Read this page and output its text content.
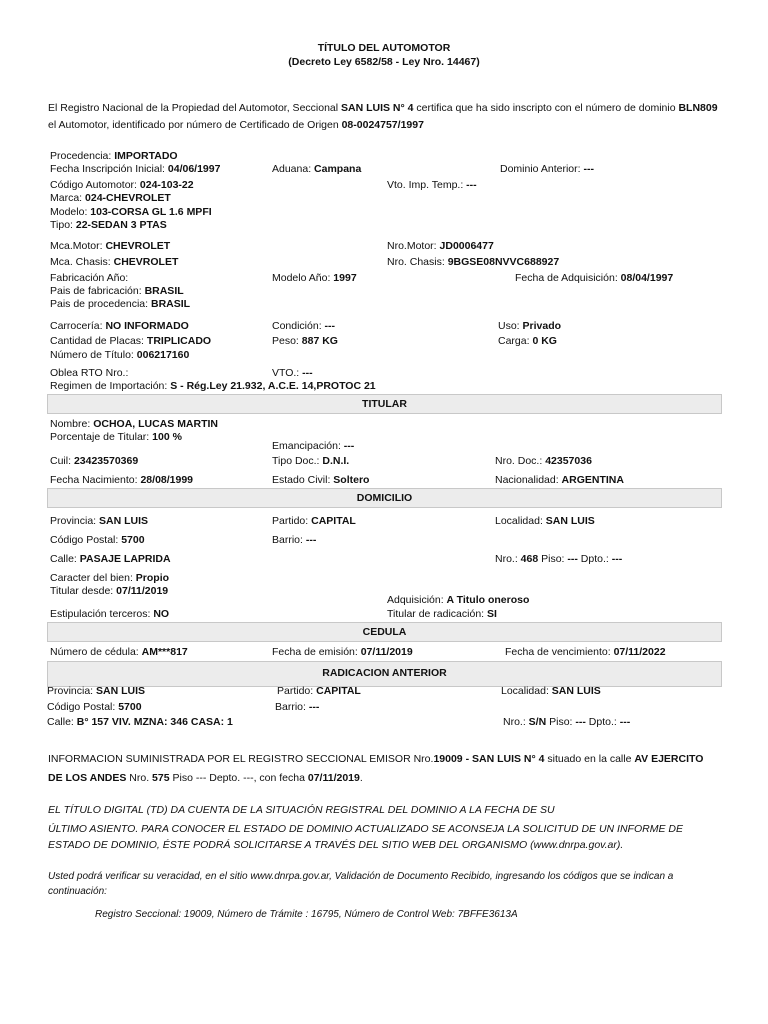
TÍTULO DEL AUTOMOTOR
(Decreto Ley 6582/58 - Ley Nro. 14467)
El Registro Nacional de la Propiedad del Automotor, Seccional SAN LUIS N° 4 certifica que ha sido inscripto con el número de dominio BLN809 el Automotor, identificado por número de Certificado de Origen 08-0024757/1997
Procedencia: IMPORTADO
Fecha Inscripción Inicial: 04/06/1997	Aduana: Campana	Dominio Anterior: ---
Código Automotor: 024-103-22	Vto. Imp. Temp.: ---
Marca: 024-CHEVROLET
Modelo: 103-CORSA GL 1.6 MPFI
Tipo: 22-SEDAN 3 PTAS
Mca.Motor: CHEVROLET	Nro.Motor: JD0006477
Mca. Chasis: CHEVROLET	Nro. Chasis: 9BGSE08NVVC688927
Fabricación Año:	Modelo Año: 1997	Fecha de Adquisición: 08/04/1997
Pais de fabricación: BRASIL
Pais de procedencia: BRASIL
Carrocería: NO INFORMADO	Condición: ---	Uso: Privado
Cantidad de Placas: TRIPLICADO	Peso: 887 KG	Carga: 0 KG
Número de Título: 006217160
Oblea RTO Nro.:	VTO.: ---
Regimen de Importación: S - Rég.Ley 21.932, A.C.E. 14,PROTOC 21
TITULAR
Nombre: OCHOA, LUCAS MARTIN
Porcentaje de Titular: 100 %
Emancipación: ---
Cuil: 23423570369	Tipo Doc.: D.N.I.	Nro. Doc.: 42357036
Fecha Nacimiento: 28/08/1999	Estado Civil: Soltero	Nacionalidad: ARGENTINA
DOMICILIO
Provincia: SAN LUIS	Partido: CAPITAL	Localidad: SAN LUIS
Código Postal: 5700	Barrio: ---
Calle: PASAJE LAPRIDA	Nro.: 468 Piso: --- Dpto.: ---
Caracter del bien: Propio
Titular desde: 07/11/2019
Adquisición: A Titulo oneroso
Estipulación terceros: NO	Titular de radicación: SI
CEDULA
Número de cédula: AM***817	Fecha de emisión: 07/11/2019	Fecha de vencimiento: 07/11/2022
RADICACION ANTERIOR
Provincia: SAN LUIS	Partido: CAPITAL	Localidad: SAN LUIS
Código Postal: 5700	Barrio: ---
Calle: B° 157 VIV. MZNA: 346 CASA: 1	Nro.: S/N Piso: --- Dpto.: ---
INFORMACION SUMINISTRADA POR EL REGISTRO SECCIONAL EMISOR Nro.19009 - SAN LUIS N° 4 situado en la calle AV EJERCITO DE LOS ANDES Nro. 575 Piso --- Depto. ---, con fecha 07/11/2019.
EL TÍTULO DIGITAL (TD) DA CUENTA DE LA SITUACIÓN REGISTRAL DEL DOMINIO A LA FECHA DE SU
ÚLTIMO ASIENTO. PARA CONOCER EL ESTADO DE DOMINIO ACTUALIZADO SE ACONSEJA LA SOLICITUD DE UN INFORME DE ESTADO DE DOMINIO, ÉSTE PODRÁ SOLICITARSE A TRAVÉS DEL SITIO WEB DEL ORGANISMO (www.dnrpa.gov.ar).
Usted podrá verificar su veracidad, en el sitio www.dnrpa.gov.ar, Validación de Documento Recibido, ingresando los códigos que se indican a continuación:
Registro Seccional: 19009, Número de Trámite : 16795, Número de Control Web: 7BFFE3613A
